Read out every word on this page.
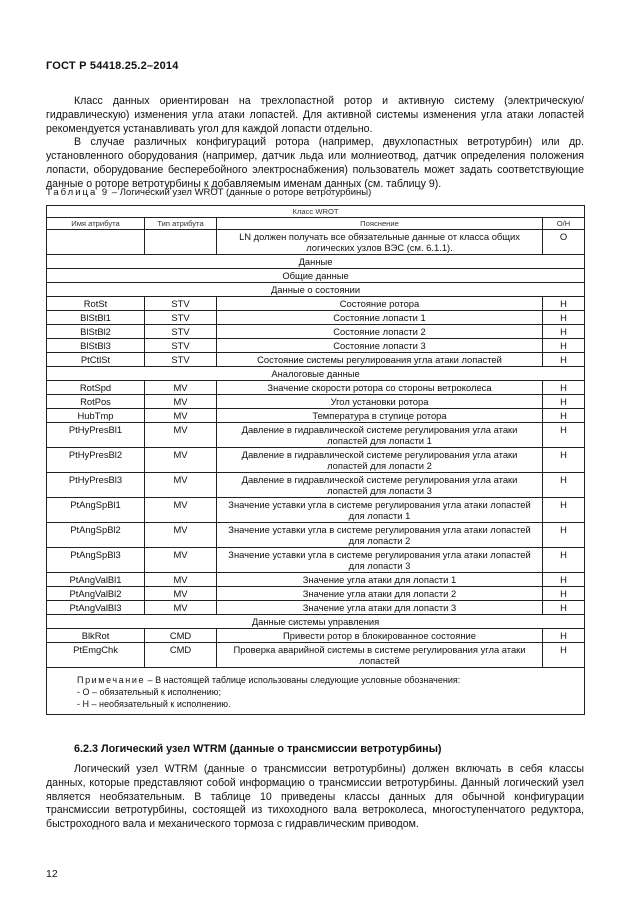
ГОСТ Р 54418.25.2–2014

Класс данных ориентирован на трехлопастной ротор и активную систему (электрическую/гидравлическую) изменения угла атаки лопастей. Для активной системы изменения угла атаки лопастей рекомендуется устанавливать угол для каждой лопасти отдельно.

В случае различных конфигураций ротора (например, двухлопастных ветротурбин) или др. установленного оборудования (например, датчик льда или молниеотвод, датчик определения положения лопасти, оборудование бесперебойного электроснабжения) пользователь может задать соответствующие данные о роторе ветротурбины к добавляемым именам данных (см. таблицу 9).

Таблица 9 – Логический узел WROT (данные о роторе ветротурбины)
Класс WROT			
Имя атрибута	Тип атрибута	Пояснение	О/Н
		LN должен получать все обязательные данные от класса общих логических узлов ВЭС (см. 6.1.1).	O
Данные			
Общие данные			
Данные о состоянии			
RotSt	STV	Состояние ротора	Н
BlStBl1	STV	Состояние лопасти 1	Н
BlStBl2	STV	Состояние лопасти 2	Н
BlStBl3	STV	Состояние лопасти 3	Н
PtCtlSt	STV	Состояние системы регулирования угла атаки лопастей	Н
Аналоговые данные			
RotSpd	MV	Значение скорости ротора со стороны ветроколеса	Н
RotPos	MV	Угол установки ротора	Н
HubTmp	MV	Температура в ступице ротора	Н
PtHyPresBl1	MV	Давление в гидравлической системе регулирования угла атаки лопастей для лопасти 1	Н
PtHyPresBl2	MV	Давление в гидравлической системе регулирования угла атаки лопастей для лопасти 2	Н
PtHyPresBl3	MV	Давление в гидравлической системе регулирования угла атаки лопастей для лопасти 3	Н
PtAngSpBl1	MV	Значение уставки угла в системе регулирования угла атаки лопастей для лопасти 1	Н
PtAngSpBl2	MV	Значение уставки угла в системе регулирования угла атаки лопастей для лопасти 2	Н
PtAngSpBl3	MV	Значение уставки угла в системе регулирования угла атаки лопастей для лопасти 3	Н
PtAngValBl1	MV	Значение угла атаки для лопасти 1	Н
PtAngValBl2	MV	Значение угла атаки для лопасти 2	Н
PtAngValBl3	MV	Значение угла атаки для лопасти 3	Н
Данные системы управления			
BlkRot	CMD	Привести ротор в блокированное состояние	Н
PtEmgChk	CMD	Проверка аварийной системы в системе регулирования угла атаки лопастей	Н
Примечание – В настоящей таблице использованы следующие условные обозначения:
- О – обязательный к исполнению;
- Н – необязательный к исполнению.			
6.2.3 Логический узел WTRM (данные о трансмиссии ветротурбины)

Логический узел WTRM (данные о трансмиссии ветротурбины) должен включать в себя классы данных, которые представляют собой информацию о трансмиссии ветротурбины. Данный логический узел является необязательным. В таблице 10 приведены классы данных для обычной конфигурации трансмиссии ветротурбины, состоящей из тихоходного вала ветроколеса, многоступенчатого редуктора, быстроходного вала и механического тормоза с гидравлическим приводом.

12
